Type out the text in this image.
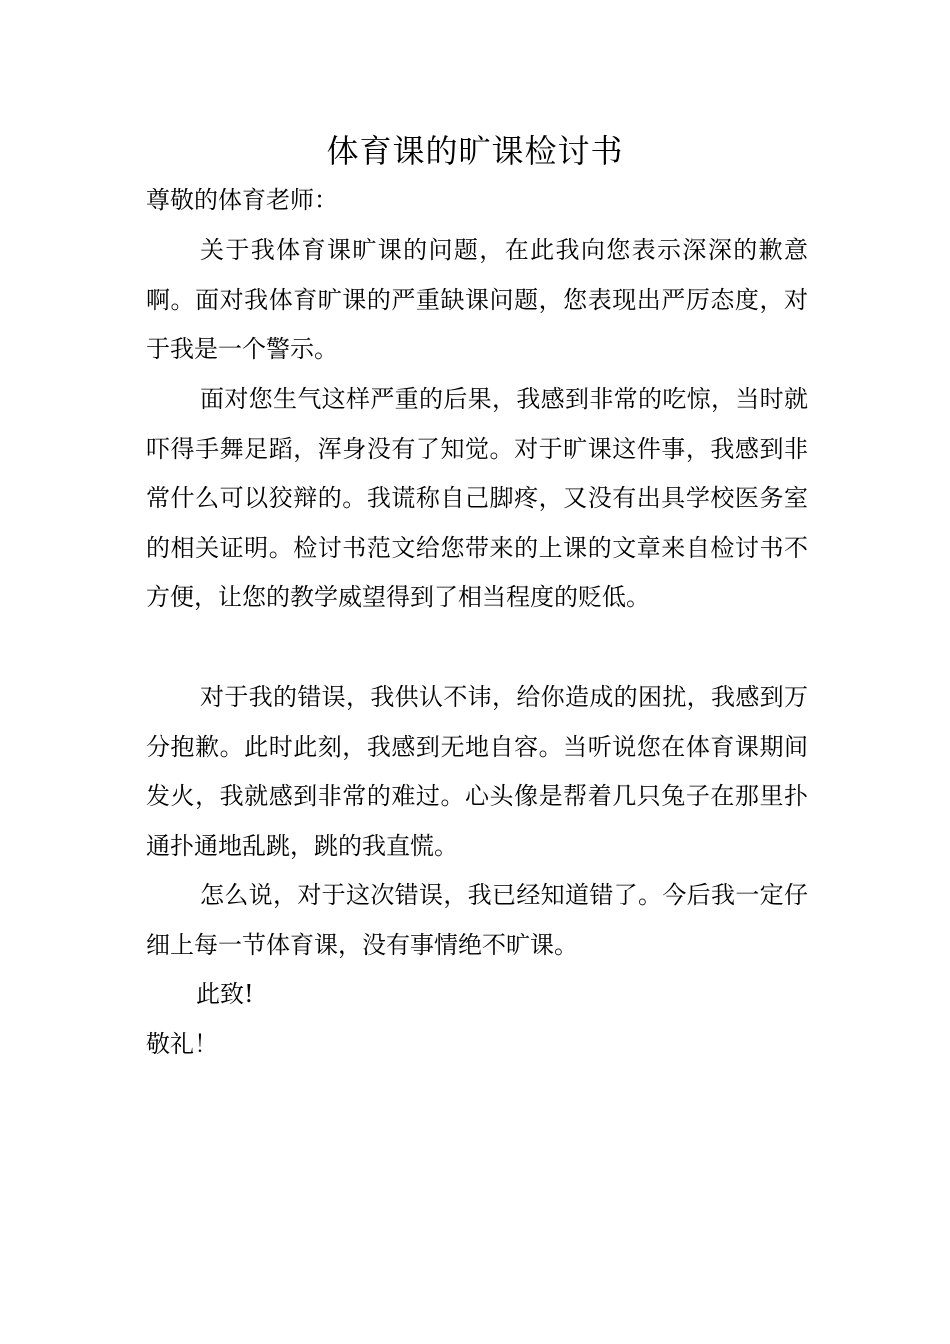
体育课的旷课检讨书
尊敬的体育老师：

关于我体育课旷课的问题，在此我向您表示深深的歉意啊。面对我体育旷课的严重缺课问题，您表现出严厉态度，对于我是一个警示。

面对您生气这样严重的后果，我感到非常的吃惊，当时就吓得手舞足蹈，浑身没有了知觉。对于旷课这件事，我感到非常什么可以狡辩的。我谎称自己脚疼，又没有出具学校医务室的相关证明。检讨书范文给您带来的上课的文章来自检讨书不方便，让您的教学威望得到了相当程度的贬低。

对于我的错误，我供认不讳，给你造成的困扰，我感到万分抱歉。此时此刻，我感到无地自容。当听说您在体育课期间发火，我就感到非常的难过。心头像是帮着几只兔子在那里扑通扑通地乱跳，跳的我直慌。

怎么说，对于这次错误，我已经知道错了。今后我一定仔细上每一节体育课，没有事情绝不旷课。

此致!
敬礼！
